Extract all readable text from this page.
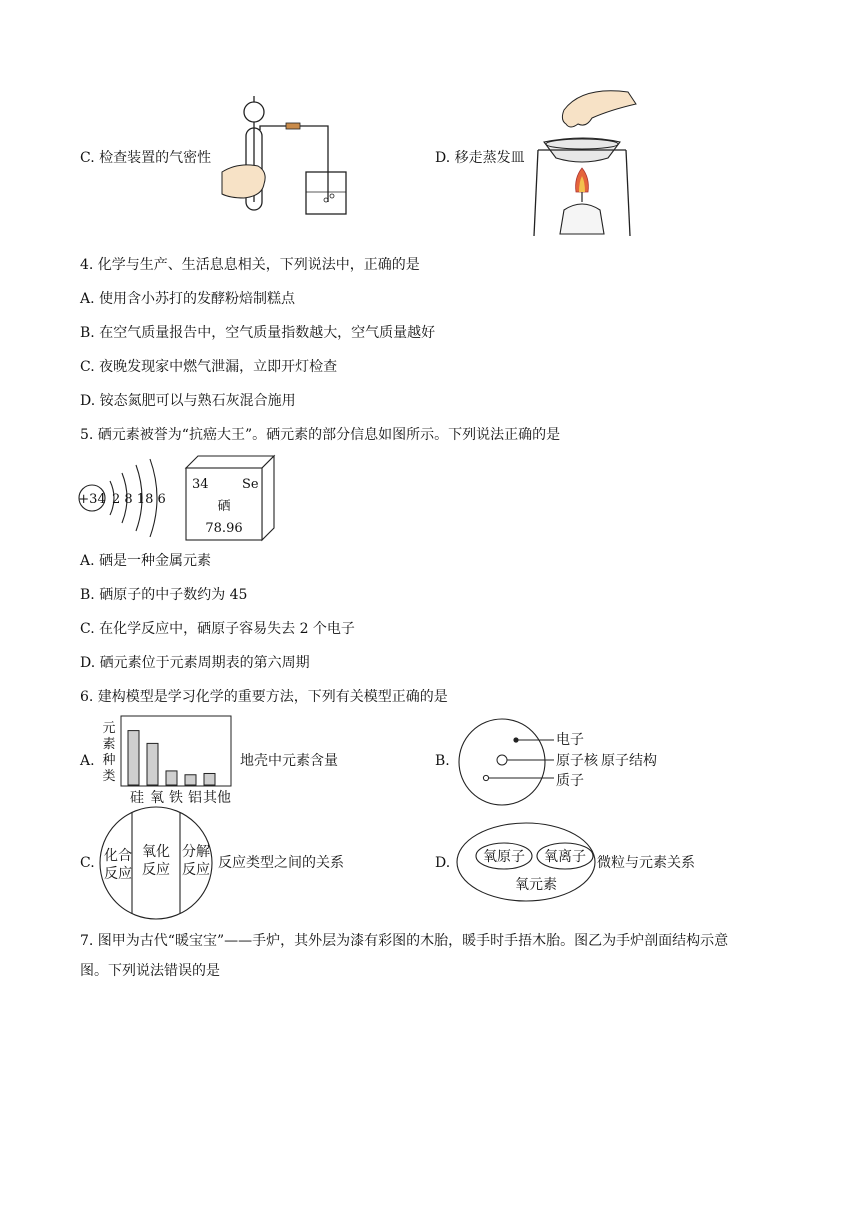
C. 检查装置的气密性	D. 移走蒸发皿
4. 化学与生产、生活息息相关，下列说法中，正确的是
A. 使用含小苏打的发酵粉焙制糕点
B. 在空气质量报告中，空气质量指数越大，空气质量越好
C. 夜晚发现家中燃气泄漏，立即开灯检查
D. 铵态氮肥可以与熟石灰混合施用
5. 硒元素被誉为“抗癌大王”。硒元素的部分信息如图所示。下列说法正确的是
+34 2 8 18 6
34	Se
硒
78.96
A. 硒是一种金属元素
B. 硒原子的中子数约为 45
C. 在化学反应中，硒原子容易失去 2 个电子
D. 硒元素位于元素周期表的第六周期
6. 建构模型是学习化学的重要方法，下列有关模型正确的是
A.
元
素
种
类
硅 氧 铁 铝 其他
地壳中元素含量	B.
电子
原子核 原子结构
质子
C. 化合
反应
氧化
反应
分解
反应 反应类型之间的关系	D. 氧原子 氧离子
氧元素
微粒与元素关系
7. 图甲为古代“暖宝宝”——手炉，其外层为漆有彩图的木胎，暖手时手捂木胎。图乙为手炉剖面结构示意
图。下列说法错误的是
